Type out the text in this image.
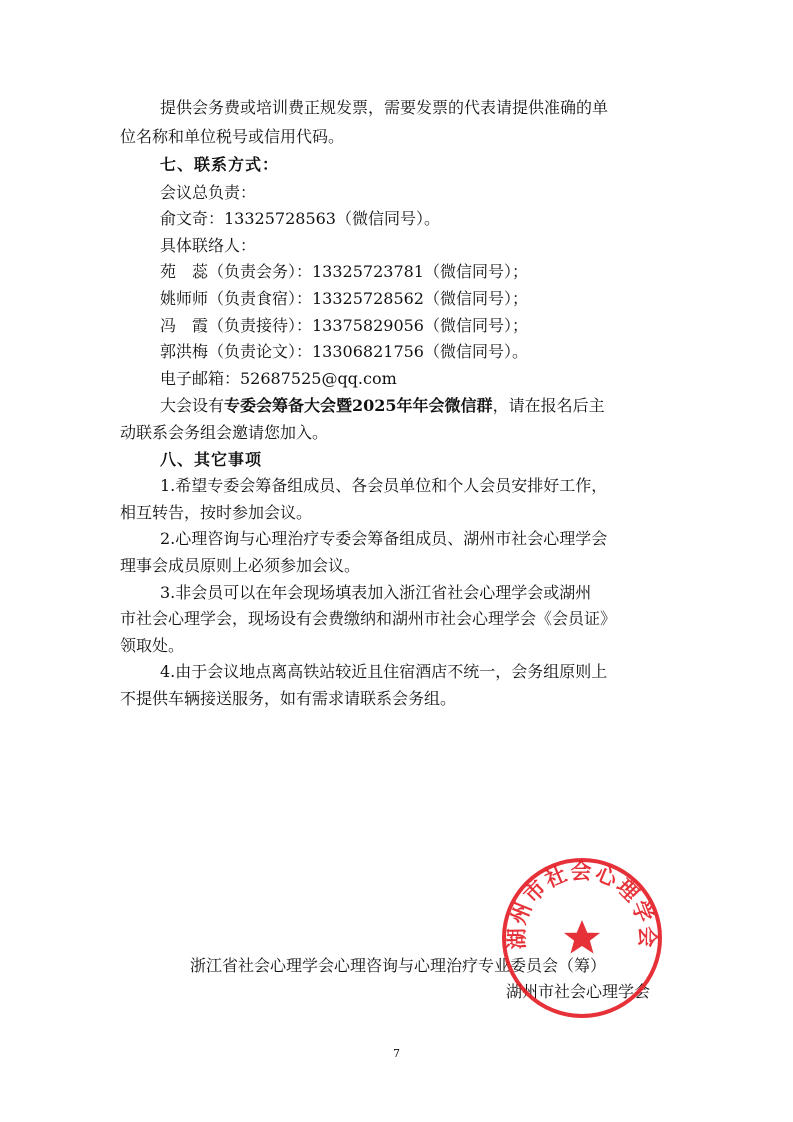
提供会务费或培训费正规发票，需要发票的代表请提供准确的单
位名称和单位税号或信用代码。
七、联系方式：
会议总负责：
俞文奇：13325728563（微信同号）。
具体联络人：
苑　蕊（负责会务）：13325723781（微信同号）；
姚师师（负责食宿）：13325728562（微信同号）；
冯　霞（负责接待）：13375829056（微信同号）；
郭洪梅（负责论文）：13306821756（微信同号）。
电子邮箱：52687525@qq.com
大会设有专委会筹备大会暨2025年年会微信群，请在报名后主
动联系会务组会邀请您加入。
八、其它事项
1.希望专委会筹备组成员、各会员单位和个人会员安排好工作，
相互转告，按时参加会议。
2.心理咨询与心理治疗专委会筹备组成员、湖州市社会心理学会
理事会成员原则上必须参加会议。
3.非会员可以在年会现场填表加入浙江省社会心理学会或湖州
市社会心理学会，现场设有会费缴纳和湖州市社会心理学会《会员证》
领取处。
4.由于会议地点离高铁站较近且住宿酒店不统一，会务组原则上
不提供车辆接送服务，如有需求请联系会务组。
浙江省社会心理学会心理咨询与心理治疗专业委员会（筹）
湖州市社会心理学会
湖州市社会心理学会
7
